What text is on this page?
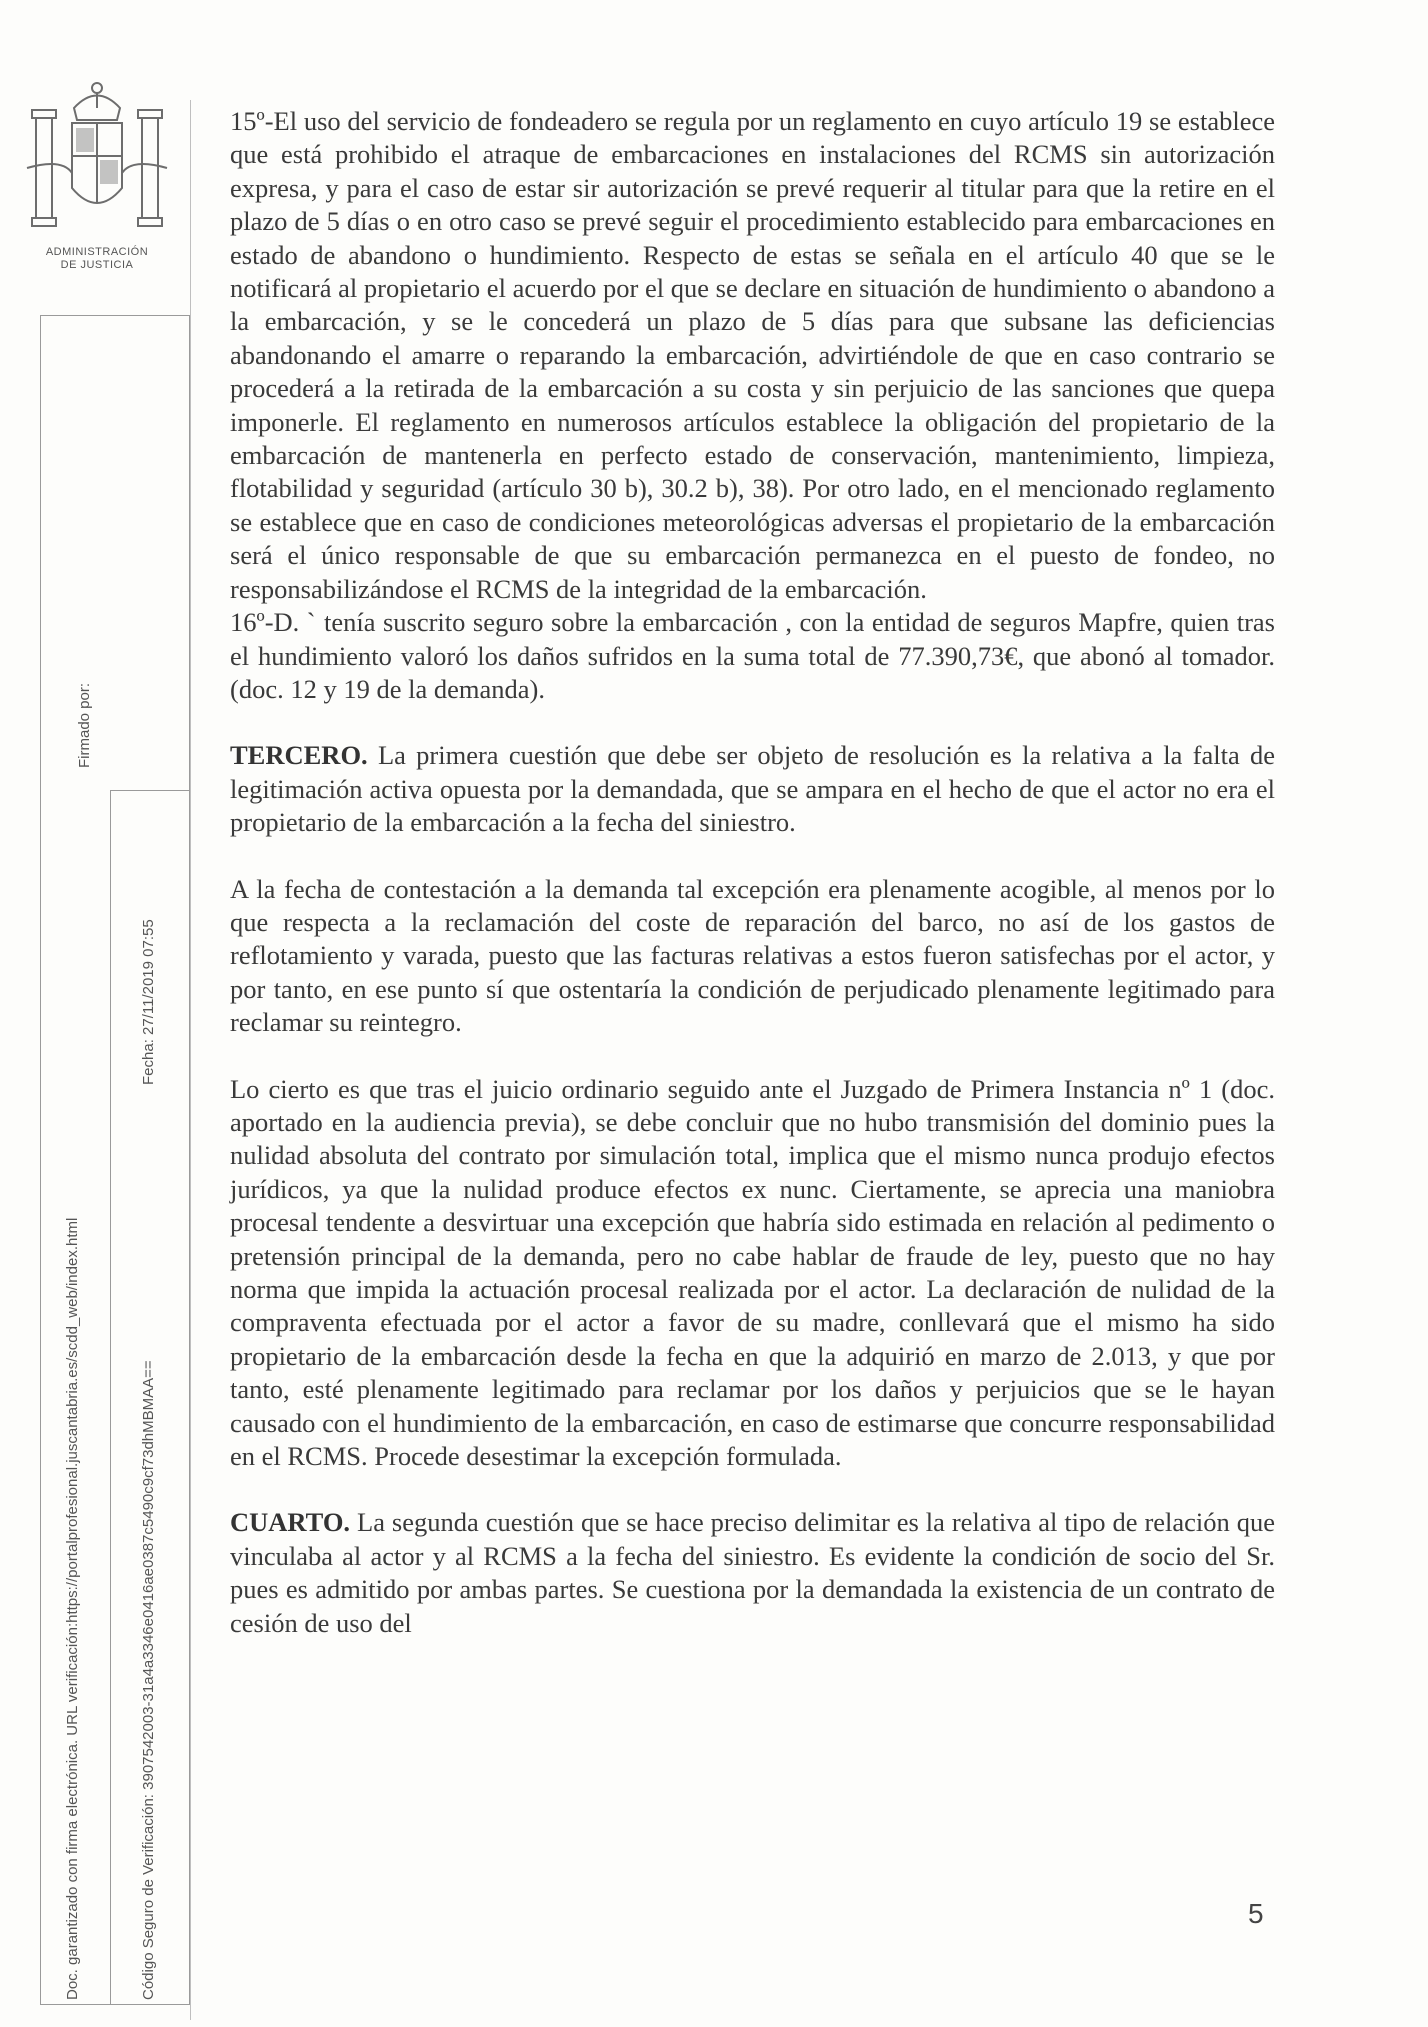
ADMINISTRACIÓN
DE JUSTICIA
Firmado por:
Fecha: 27/11/2019 07:55
Doc. garantizado con firma electrónica. URL verificación:https://portalprofesional.juscantabria.es/scdd_web/index.html	Código Seguro de Verificación: 3907542003-31a4a3346e0416ae0387c5490c9cf73dhMBMAA==

15º-El uso del servicio de fondeadero se regula por un reglamento en cuyo artículo 19 se establece que está prohibido el atraque de embarcaciones en instalaciones del RCMS sin autorización expresa, y para el caso de estar sir autorización se prevé requerir al titular para que la retire en el plazo de 5 días o en otro caso se prevé seguir el procedimiento establecido para embarcaciones en estado de abandono o hundimiento. Respecto de estas se señala en el artículo 40 que se le notificará al propietario el acuerdo por el que se declare en situación de hundimiento o abandono a la embarcación, y se le concederá un plazo de 5 días para que subsane las deficiencias abandonando el amarre o reparando la embarcación, advirtiéndole de que en caso contrario se procederá a la retirada de la embarcación a su costa y sin perjuicio de las sanciones que quepa imponerle. El reglamento en numerosos artículos establece la obligación del propietario de la embarcación de mantenerla en perfecto estado de conservación, mantenimiento, limpieza, flotabilidad y seguridad (artículo 30 b), 30.2 b), 38). Por otro lado, en el mencionado reglamento se establece que en caso de condiciones meteorológicas adversas el propietario de la embarcación será el único responsable de que su embarcación permanezca en el puesto de fondeo, no responsabilizándose el RCMS de la integridad de la embarcación.

16º-D. ˋ tenía suscrito seguro sobre la embarcación , con la entidad de seguros Mapfre, quien tras el hundimiento valoró los daños sufridos en la suma total de 77.390,73€, que abonó al tomador. (doc. 12 y 19 de la demanda).

TERCERO. La primera cuestión que debe ser objeto de resolución es la relativa a la falta de legitimación activa opuesta por la demandada, que se ampara en el hecho de que el actor no era el propietario de la embarcación a la fecha del siniestro.

A la fecha de contestación a la demanda tal excepción era plenamente acogible, al menos por lo que respecta a la reclamación del coste de reparación del barco, no así de los gastos de reflotamiento y varada, puesto que las facturas relativas a estos fueron satisfechas por el actor, y por tanto, en ese punto sí que ostentaría la condición de perjudicado plenamente legitimado para reclamar su reintegro.

Lo cierto es que tras el juicio ordinario seguido ante el Juzgado de Primera Instancia nº 1 (doc. aportado en la audiencia previa), se debe concluir que no hubo transmisión del dominio pues la nulidad absoluta del contrato por simulación total, implica que el mismo nunca produjo efectos jurídicos, ya que la nulidad produce efectos ex nunc. Ciertamente, se aprecia una maniobra procesal tendente a desvirtuar una excepción que habría sido estimada en relación al pedimento o pretensión principal de la demanda, pero no cabe hablar de fraude de ley, puesto que no hay norma que impida la actuación procesal realizada por el actor. La declaración de nulidad de la compraventa efectuada por el actor a favor de su madre, conllevará que el mismo ha sido propietario de la embarcación desde la fecha en que la adquirió en marzo de 2.013, y que por tanto, esté plenamente legitimado para reclamar por los daños y perjuicios que se le hayan causado con el hundimiento de la embarcación, en caso de estimarse que concurre responsabilidad en el RCMS. Procede desestimar la excepción formulada.

CUARTO. La segunda cuestión que se hace preciso delimitar es la relativa al tipo de relación que vinculaba al actor y al RCMS a la fecha del siniestro. Es evidente la condición de socio del Sr. pues es admitido por ambas partes. Se cuestiona por la demandada la existencia de un contrato de cesión de uso del

5
